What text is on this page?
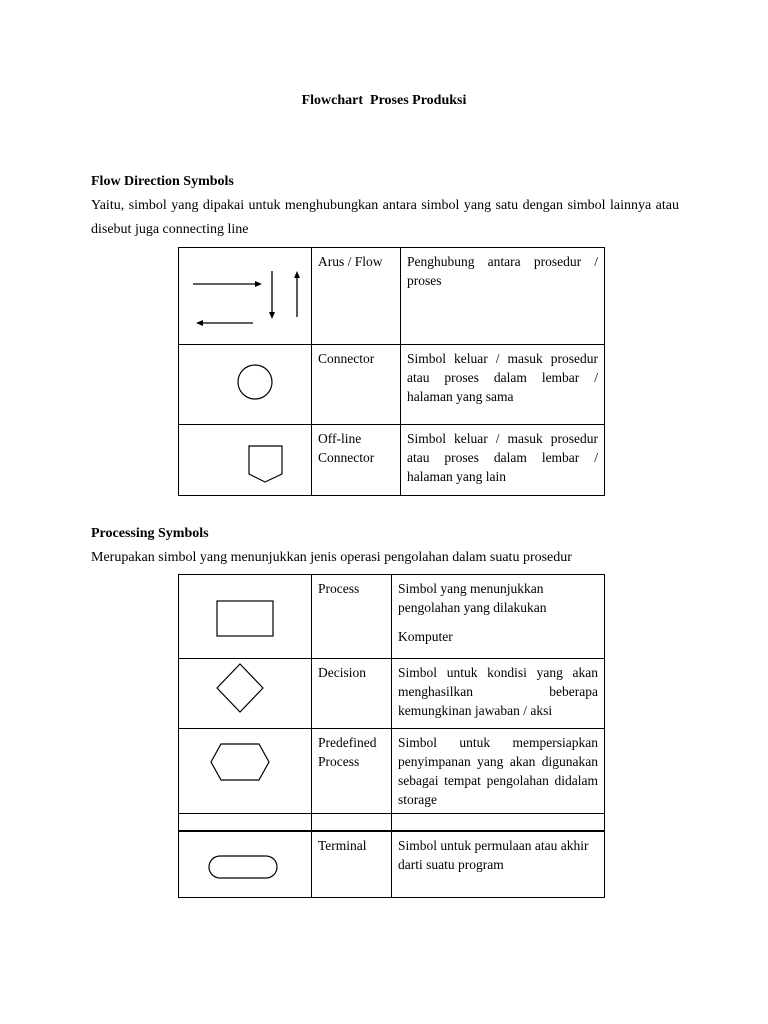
Flowchart  Proses Produksi
Flow Direction Symbols
Yaitu, simbol yang dipakai untuk menghubungkan antara simbol yang satu dengan simbol lainnya atau disebut juga connecting line
	Arus / Flow	Penghubung antara prosedur / proses

	Connector	Simbol keluar / masuk prosedur atau proses dalam lembar / halaman yang sama

	Off-line Connector	Simbol keluar / masuk prosedur atau proses dalam lembar / halaman yang lain
Processing Symbols
Merupakan simbol yang menunjukkan jenis operasi pengolahan dalam suatu prosedur
	Process	Simbol yang menunjukkan pengolahan yang dilakukan

Komputer

	Decision	Simbol untuk kondisi yang akan menghasilkan beberapa kemungkinan jawaban / aksi

	Predefined Process	Simbol untuk mempersiapkan penyimpanan yang akan digunakan sebagai tempat pengolahan didalam storage

	Terminal	Simbol untuk permulaan atau akhir darti suatu program
